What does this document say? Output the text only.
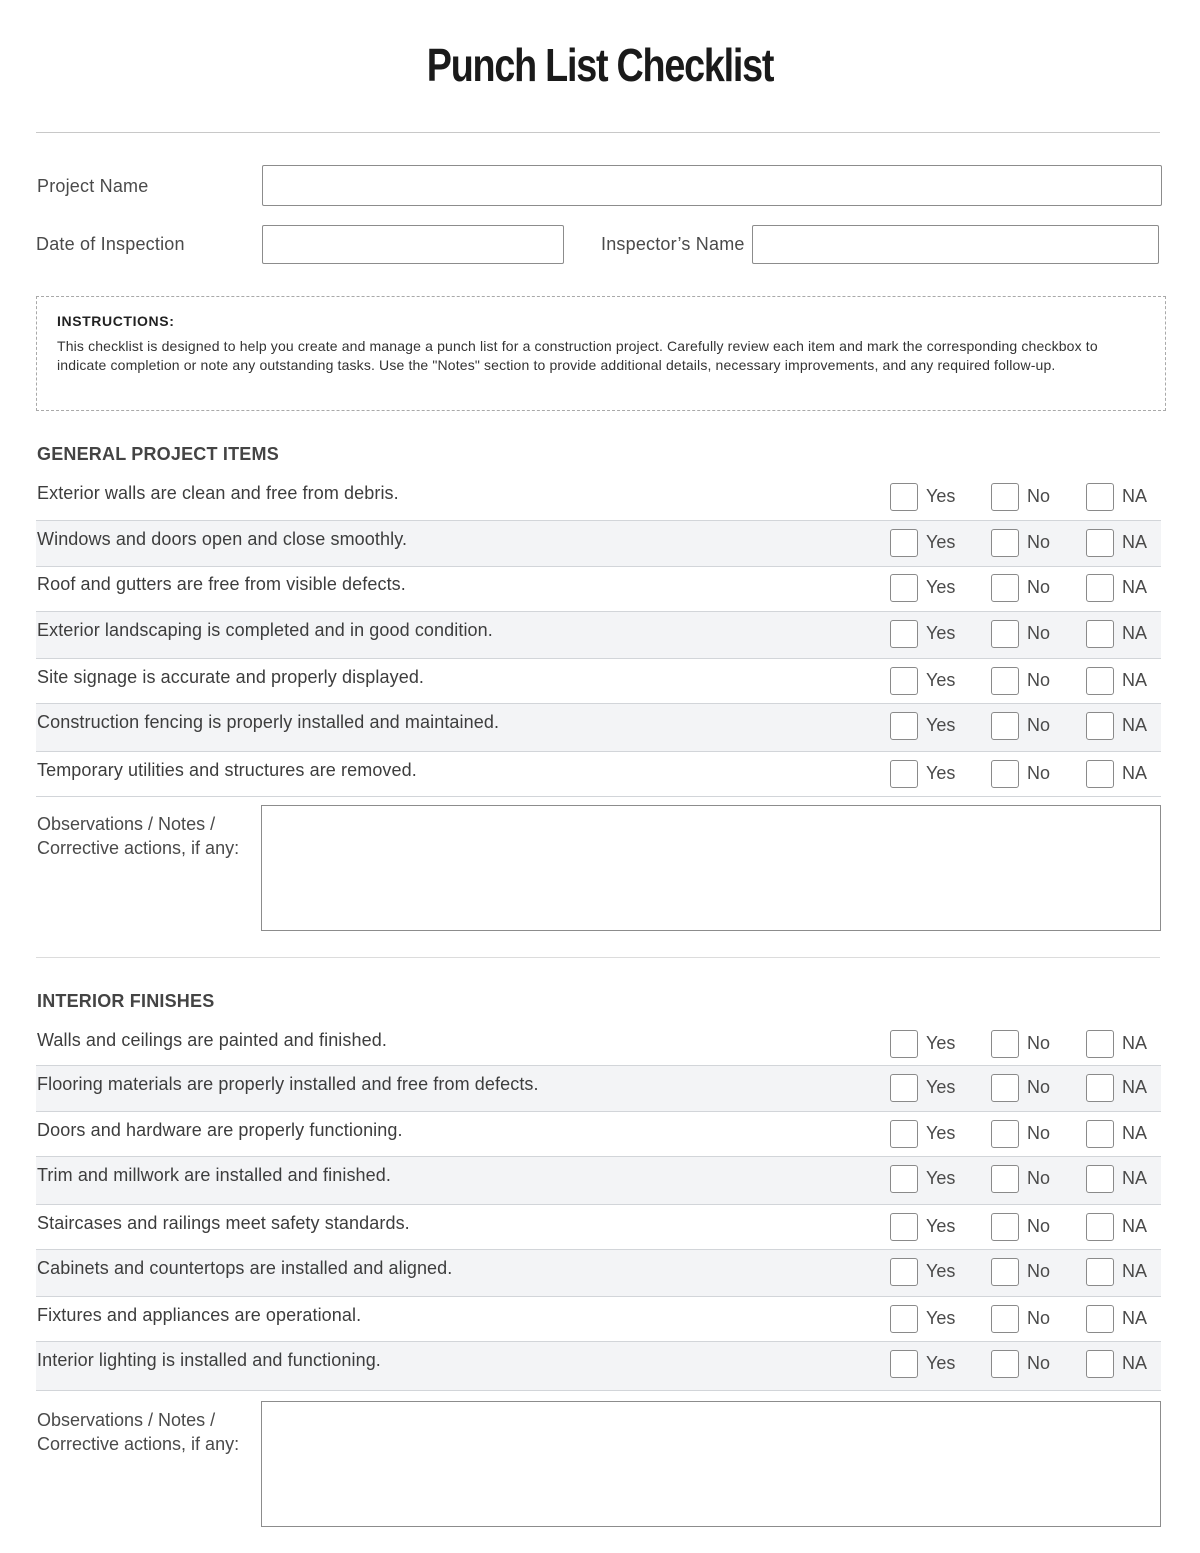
Punch List Checklist
Project Name
Date of Inspection	Inspector’s Name
INSTRUCTIONS:
This checklist is designed to help you create and manage a punch list for a construction project. Carefully review each item and mark the corresponding checkbox to indicate completion or note any outstanding tasks. Use the "Notes" section to provide additional details, necessary improvements, and any required follow-up.
GENERAL PROJECT ITEMS
Exterior walls are clean and free from debris.	Yes	No	NA
Windows and doors open and close smoothly.	Yes	No	NA
Roof and gutters are free from visible defects.	Yes	No	NA
Exterior landscaping is completed and in good condition.	Yes	No	NA
Site signage is accurate and properly displayed.	Yes	No	NA
Construction fencing is properly installed and maintained.	Yes	No	NA
Temporary utilities and structures are removed.	Yes	No	NA
Observations / Notes / Corrective actions, if any:
INTERIOR FINISHES
Walls and ceilings are painted and finished.	Yes	No	NA
Flooring materials are properly installed and free from defects.	Yes	No	NA
Doors and hardware are properly functioning.	Yes	No	NA
Trim and millwork are installed and finished.	Yes	No	NA
Staircases and railings meet safety standards.	Yes	No	NA
Cabinets and countertops are installed and aligned.	Yes	No	NA
Fixtures and appliances are operational.	Yes	No	NA
Interior lighting is installed and functioning.	Yes	No	NA
Observations / Notes / Corrective actions, if any:
